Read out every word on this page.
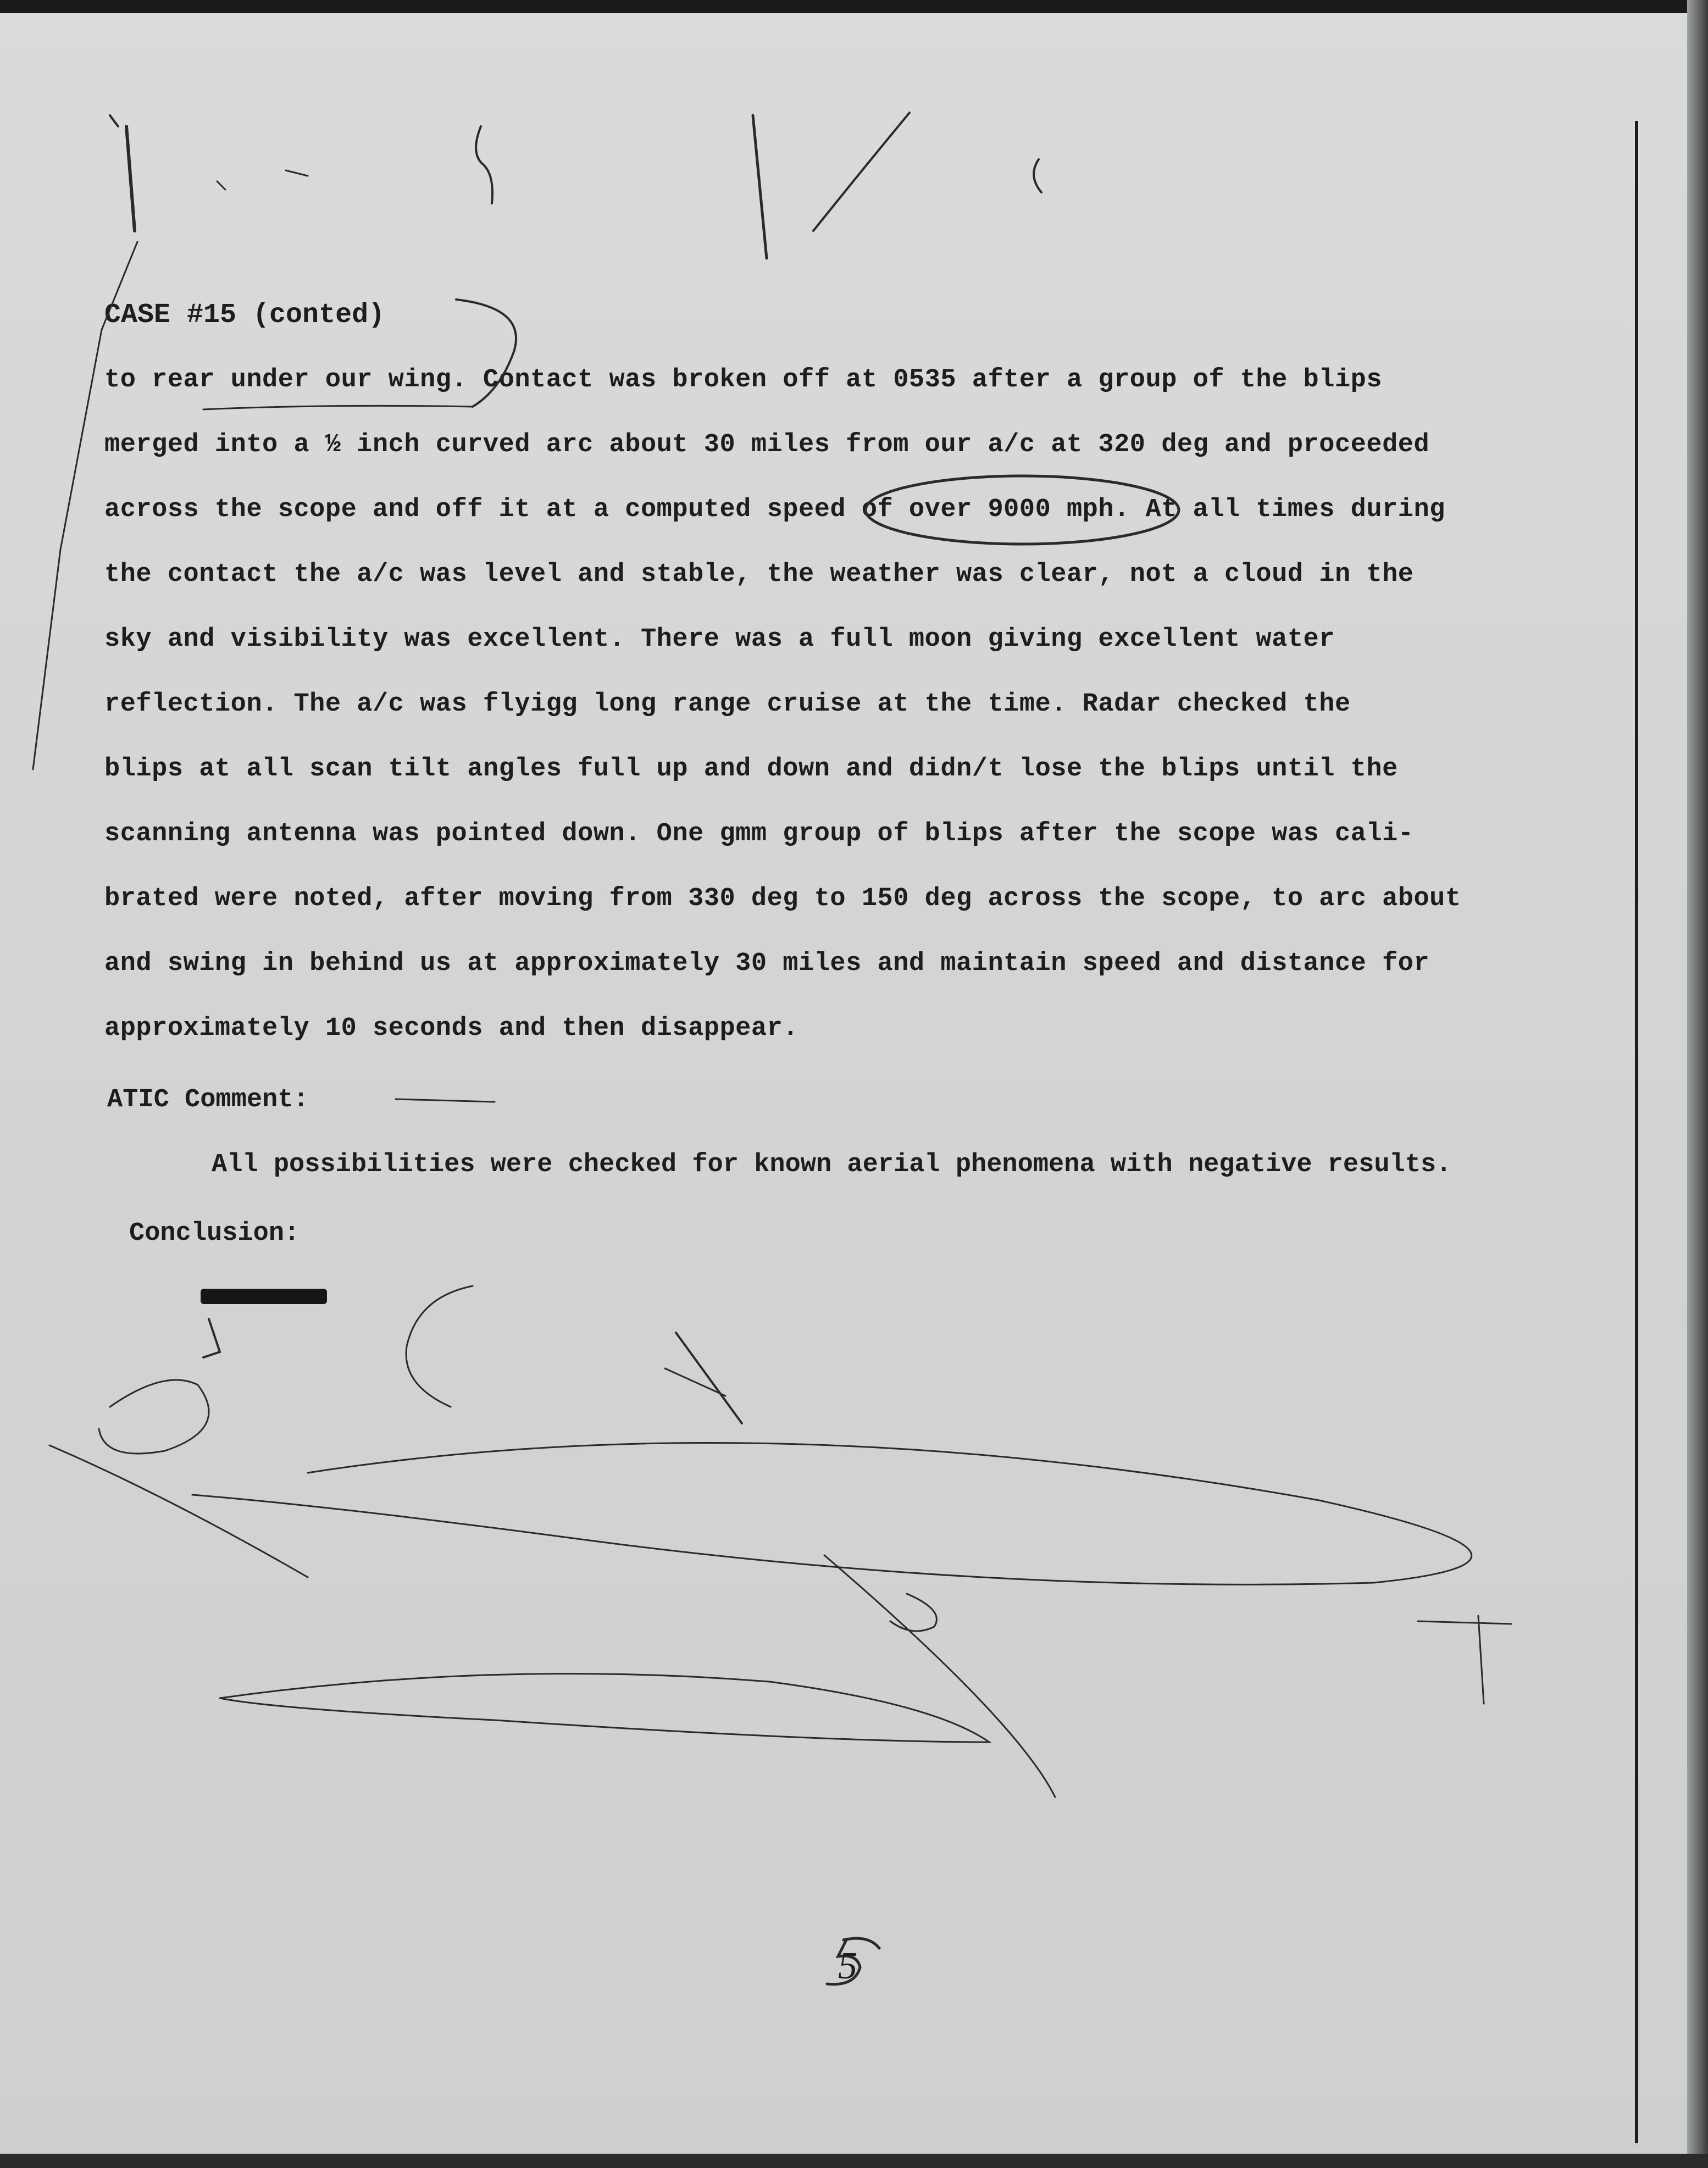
CASE #15 (conted)
to rear under our wing. Contact was broken off at 0535 after a group of the blips
merged into a ½ inch curved arc about 30 miles from our a/c at 320 deg and proceeded
across the scope and off it at a computed speed of over 9000 mph. At all times during
the contact the a/c was level and stable, the weather was clear, not a cloud in the
sky and visibility was excellent. There was a full moon giving excellent water
reflection. The a/c was flyigg long range cruise at the time. Radar checked the
blips at all scan tilt angles full up and down and didn/t lose the blips until the
scanning antenna was pointed down. One gmm group of blips after the scope was cali-
brated were noted, after moving from 330 deg to 150 deg across the scope, to arc about
and swing in behind us at approximately 30 miles and maintain speed and distance for
approximately 10 seconds and then disappear.
ATIC Comment:
All possibilities were checked for known aerial phenomena with negative results.
Conclusion:
5
